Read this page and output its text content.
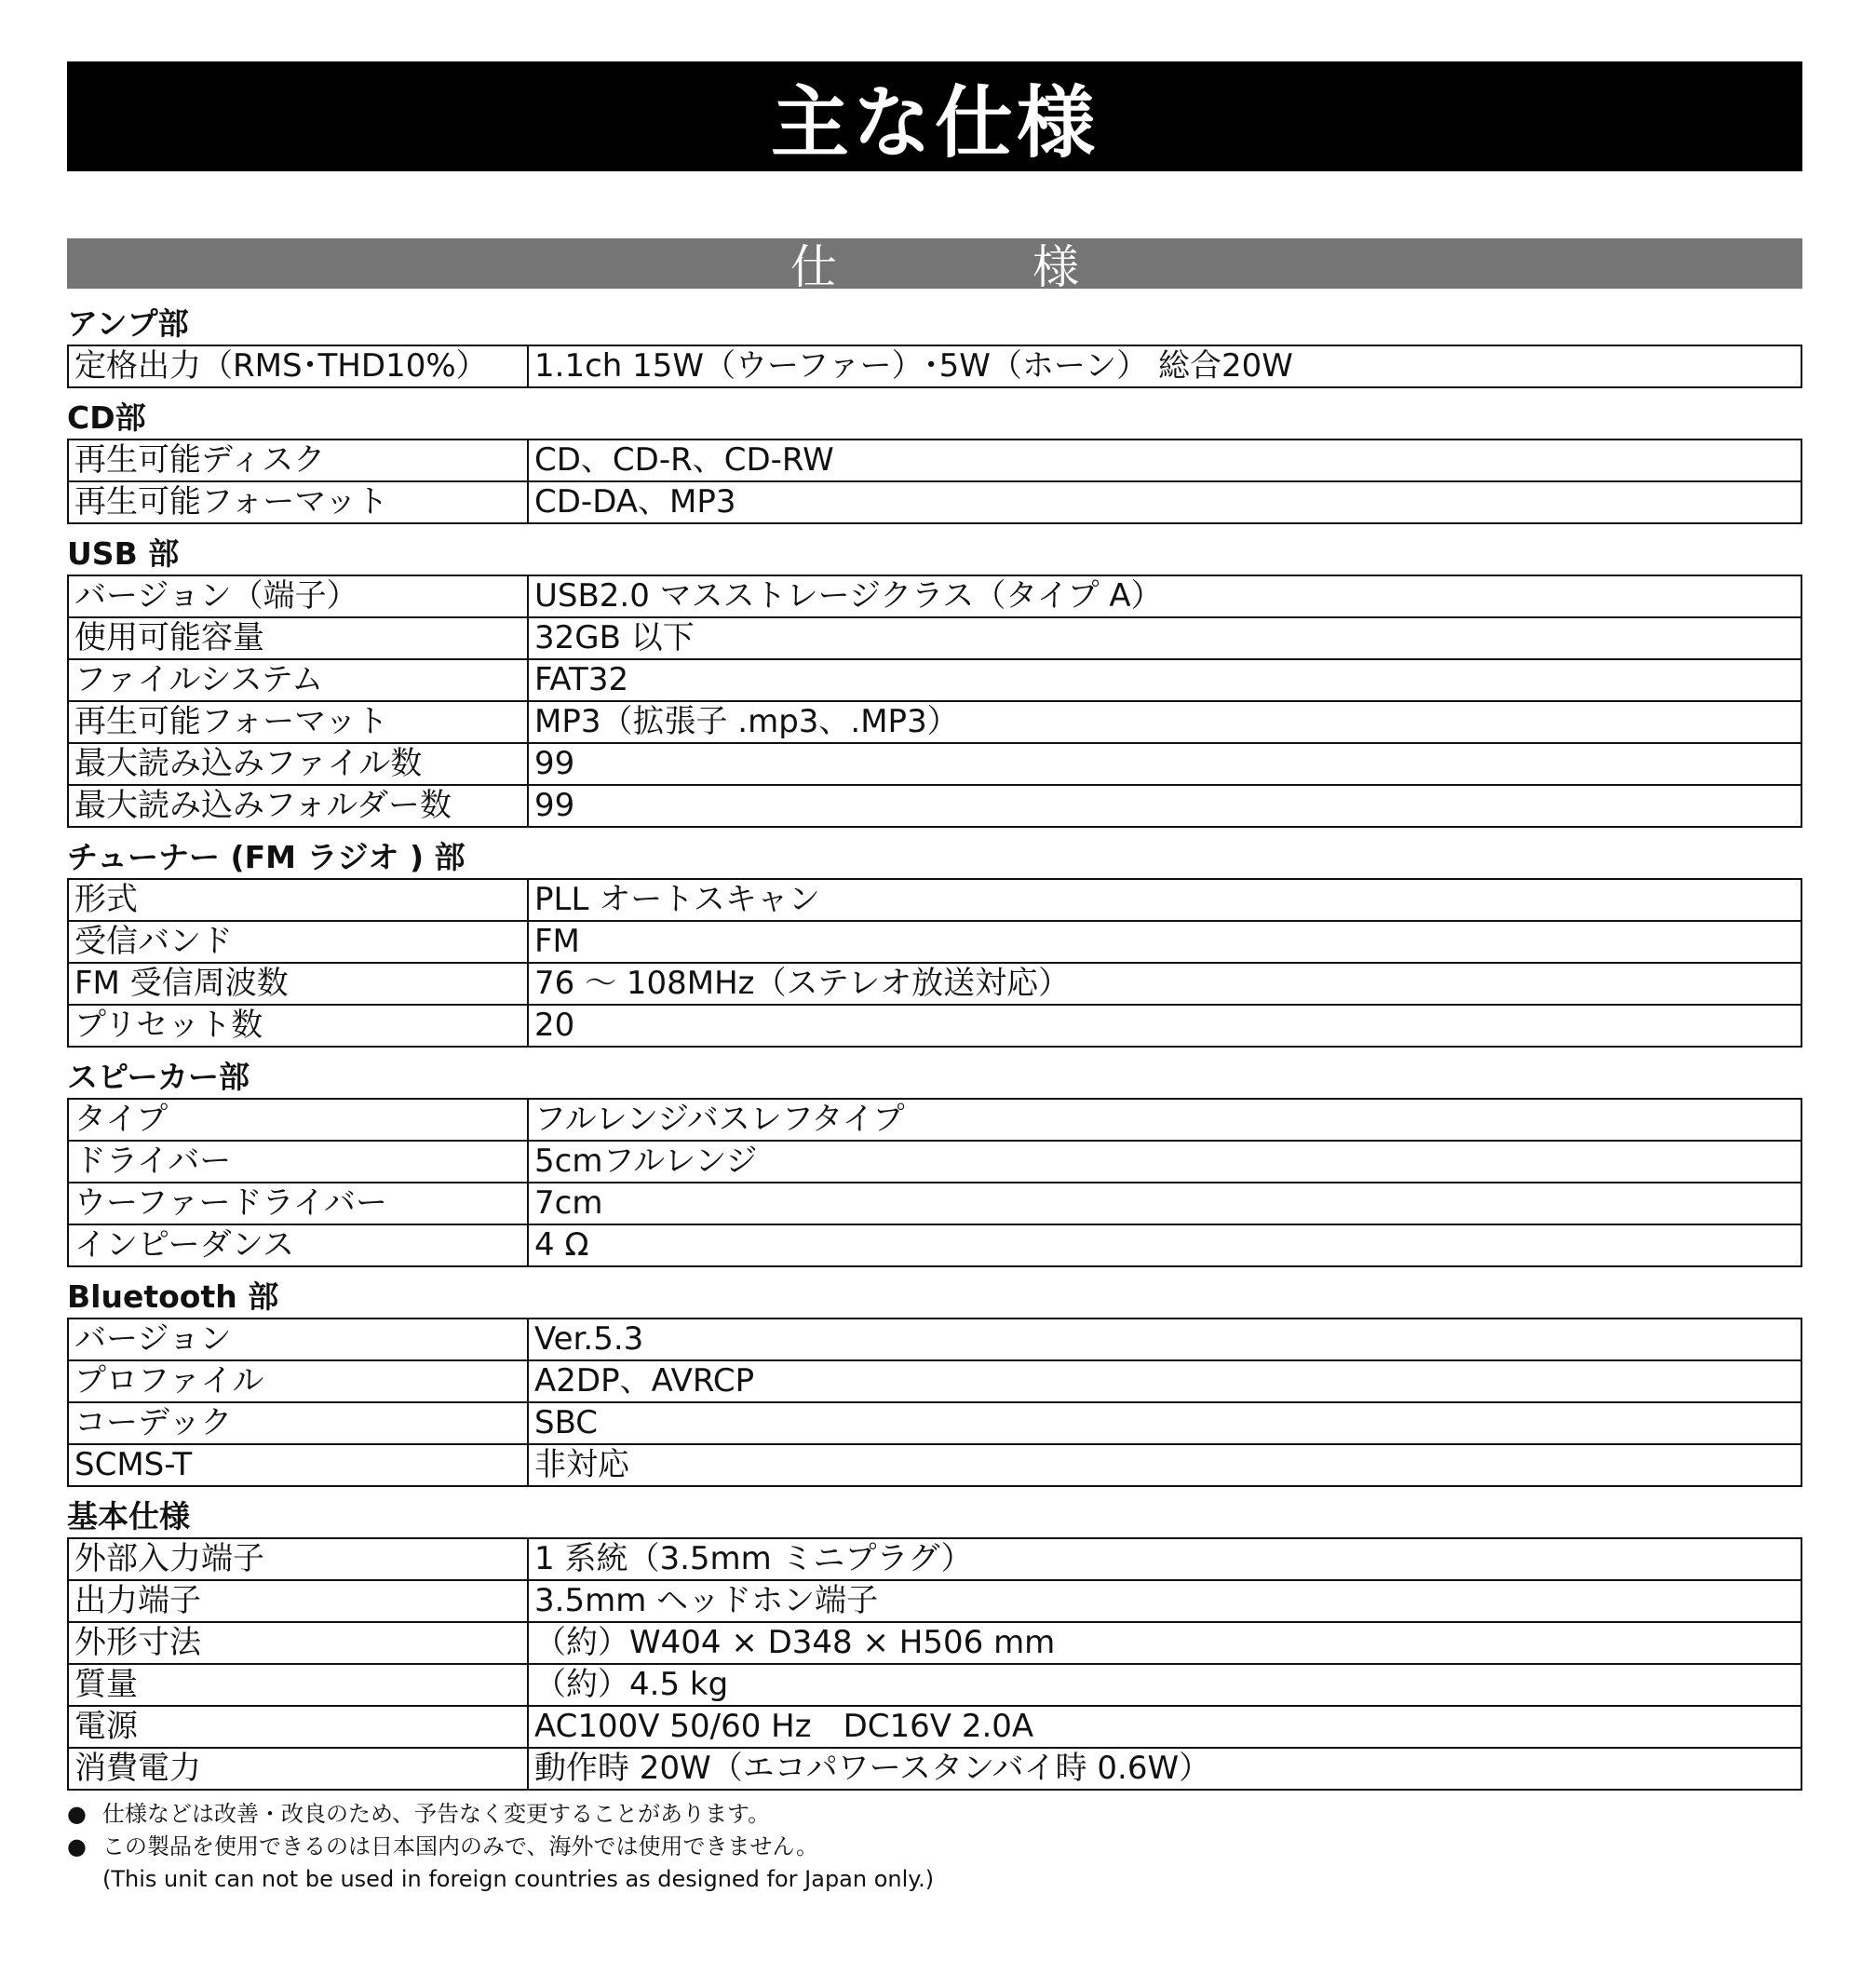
主な仕様
仕　様
アンプ部
定格出力（RMS･THD10%）	1.1ch 15W（ウーファー）･5W（ホーン） 総合20W
CD部
再生可能ディスク	CD、CD-R、CD-RW
再生可能フォーマット	CD-DA、MP3
USB 部
バージョン（端子）	USB2.0 マスストレージクラス（タイプ A）
使用可能容量	32GB 以下
ファイルシステム	FAT32
再生可能フォーマット	MP3（拡張子 .mp3、.MP3）
最大読み込みファイル数	99
最大読み込みフォルダー数	99
チューナー (FM ラジオ ) 部
形式	PLL オートスキャン
受信バンド	FM
FM 受信周波数	76 ～ 108MHz（ステレオ放送対応）
プリセット数	20
スピーカー部
タイプ	フルレンジバスレフタイプ
ドライバー	5cmフルレンジ
ウーファードライバー	7cm
インピーダンス	4 Ω
Bluetooth 部
バージョン	Ver.5.3
プロファイル	A2DP、AVRCP
コーデック	SBC
SCMS-T	非対応
基本仕様
外部入力端子	1 系統（3.5mm ミニプラグ）
出力端子	3.5mm ヘッドホン端子
外形寸法	（約）W404 × D348 × H506 mm
質量	（約）4.5 kg
電源	AC100V 50/60 Hz　DC16V 2.0A
消費電力	動作時 20W（エコパワースタンバイ時 0.6W）
● 仕様などは改善・改良のため、予告なく変更することがあります。
● この製品を使用できるのは日本国内のみで、海外では使用できません。
(This unit can not be used in foreign countries as designed for Japan only.)
